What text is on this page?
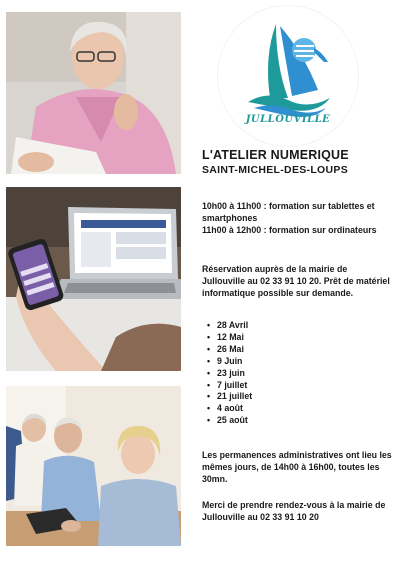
JULLOUVILLE
L'ATELIER NUMERIQUE
SAINT-MICHEL-DES-LOUPS

10h00 à 11h00 : formation sur tablettes et smartphones

11h00 à 12h00 : formation sur ordinateurs

Réservation auprès de la mairie de Jullouville au 02 33 91 10 20. Prêt de matériel informatique possible sur demande.
• 28 Avril
• 12 Mai
• 26 Mai
• 9 Juin
• 23 juin
• 7 juillet
• 21 juillet
• 4 août
• 25 août
Les permanences administratives ont lieu les mêmes jours, de 14h00 à 16h00, toutes les 30mn.
Merci de prendre rendez-vous à la mairie de Jullouville au 02 33 91 10 20
